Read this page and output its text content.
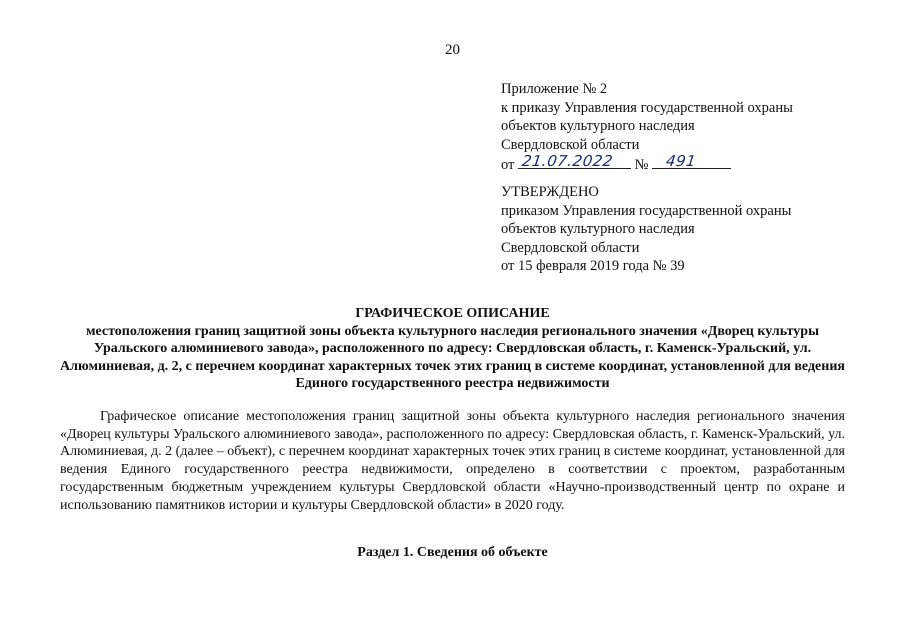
20
Приложение № 2
к приказу Управления государственной охраны
объектов культурного наследия
Свердловской области
от 21.07.2022 № 491
УТВЕРЖДЕНО
приказом Управления государственной охраны
объектов культурного наследия
Свердловской области
от 15 февраля 2019 года № 39
ГРАФИЧЕСКОЕ ОПИСАНИЕ
местоположения границ защитной зоны объекта культурного наследия регионального значения «Дворец культуры Уральского алюминиевого завода», расположенного по адресу: Свердловская область, г. Каменск-Уральский, ул. Алюминиевая, д. 2, с перечнем координат характерных точек этих границ в системе координат, установленной для ведения Единого государственного реестра недвижимости
Графическое описание местоположения границ защитной зоны объекта культурного наследия регионального значения «Дворец культуры Уральского алюминиевого завода», расположенного по адресу: Свердловская область, г. Каменск-Уральский, ул. Алюминиевая, д. 2 (далее – объект), с перечнем координат характерных точек этих границ в системе координат, установленной для ведения Единого государственного реестра недвижимости, определено в соответствии с проектом, разработанным государственным бюджетным учреждением культуры Свердловской области «Научно-производственный центр по охране и использованию памятников истории и культуры Свердловской области» в 2020 году.
Раздел 1. Сведения об объекте
